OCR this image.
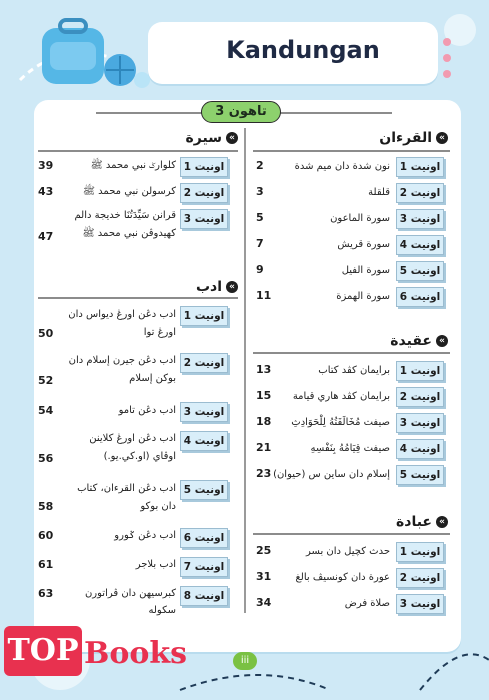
Kandungan
تاهون 3
»
القرءان
»
عقيدة
»
عبادة
»
سيرة
»
ادب
TOP Books	iii
اونيت 1
نون شدة دان ميم شدة
2
اونيت 2
قلقلة
3
اونيت 3
سورة الماعون
5
اونيت 4
سورة قريش
7
اونيت 5
سورة الفيل
9
اونيت 6
سورة الهمزة
11
اونيت 1
برايمان كڤد كتاب
13
اونيت 2
برايمان كڤد هاري قيامة
15
اونيت 3
صيفت مُخَالَفَتُهُ لِلْحَوَادِثِ
18
اونيت 4
صيفت قِيَامُهُ بِنَفْسِهِ
21
اونيت 5
إسلام دان ساين س (حيوان)
23
اونيت 1
حدث كچيل دان بسر
25
اونيت 2
عورة دان كونسيڤ بالغ
31
اونيت 3
صلاة فرض
34
اونيت 1
كلوارݢ نبي محمد ﷺ
39
اونيت 2
كرسولن نبي محمد ﷺ
43
اونيت 3
قرانن سَيِّدَتُنَا خديجة دالم
كهيدوڤن نبي محمد ﷺ
47
اونيت 1
ادب دڠن اورڠ ديواس دان
اورڠ توا
50
اونيت 2
ادب دڠن جيرن إسلام دان
بوكن إسلام
52
اونيت 3
ادب دڠن تامو
54
اونيت 4
ادب دڠن اورڠ كلاينن
اوڤاي (او.كي.يو.)
56
اونيت 5
ادب دڠن القرءان، كتاب
دان بوكو
58
اونيت 6
ادب دڠن ݢورو
60
اونيت 7
ادب بلاجر
61
اونيت 8
كبرسيهن دان ڤراتورن سكوله
63
